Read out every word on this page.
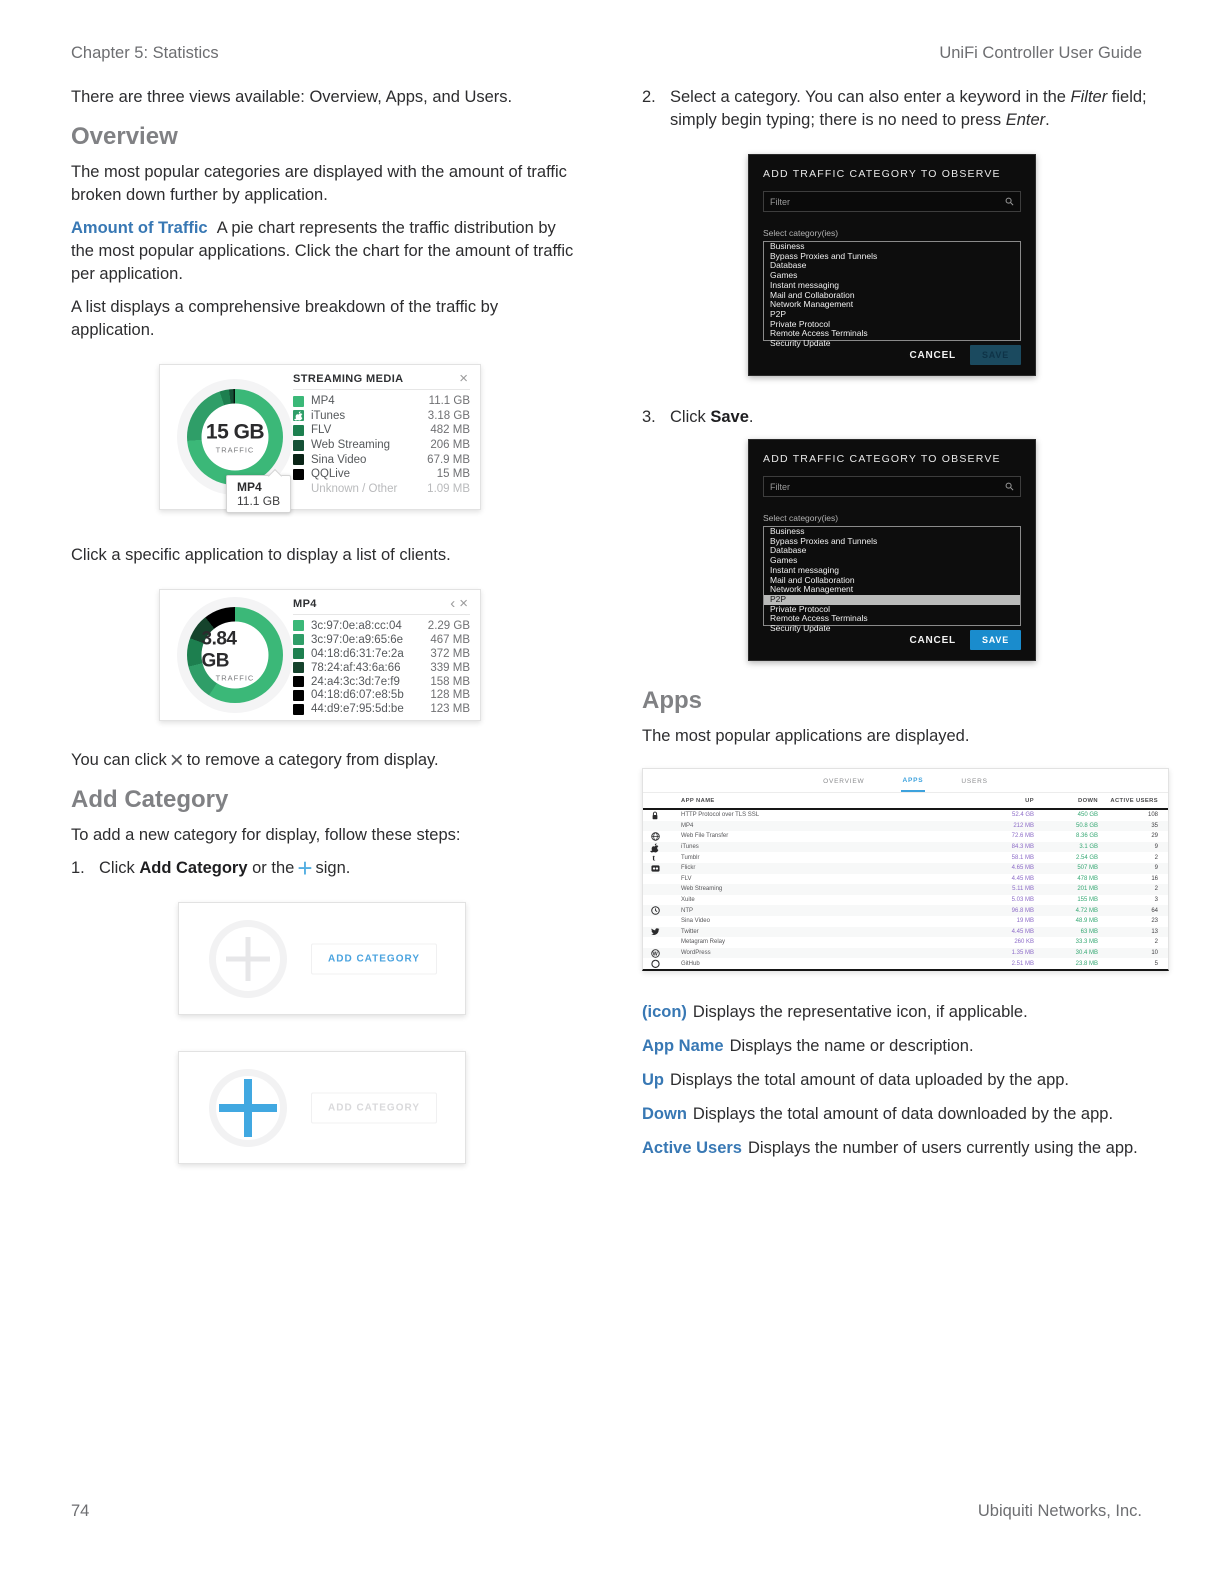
Chapter 5: Statistics	UniFi Controller User Guide

There are three views available: Overview, Apps, and Users.

Overview

The most popular categories are displayed with the amount of traffic broken down further by application.

Amount of Traffic A pie chart represents the traffic distribution by the most popular applications. Click the chart for the amount of traffic per application.

A list displays a comprehensive breakdown of the traffic by application.

15 GB
TRAFFIC
MP4
11.1 GB
STREAMING MEDIA	×
MP4	11.1 GB
iTunes	3.18 GB
FLV	482 MB
Web Streaming	206 MB
Sina Video	67.9 MB
QQLive	15 MB
Unknown / Other	1.09 MB

Click a specific application to display a list of clients.

3.84 GB
TRAFFIC
MP4	‹ ×
3c:97:0e:a8:cc:04	2.29 GB
3c:97:0e:a9:65:6e	467 MB
04:18:d6:31:7e:2a	372 MB
78:24:af:43:6a:66	339 MB
24:a4:3c:3d:7e:f9	158 MB
04:18:d6:07:e8:5b	128 MB
44:d9:e7:95:5d:be	123 MB

You can click × to remove a category from display.

Add Category

To add a new category for display, follow these steps:

1. Click Add Category or the + sign.
ADD CATEGORY
ADD CATEGORY
2. Select a category. You can also enter a keyword in the Filter field; simply begin typing; there is no need to press Enter.
ADD TRAFFIC CATEGORY TO OBSERVE
Filter
Select category(ies)
Business
Bypass Proxies and Tunnels
Database
Games
Instant messaging
Mail and Collaboration
Network Management
P2P
Private Protocol
Remote Access Terminals
Security Update
CANCEL	SAVE
3. Click Save.
ADD TRAFFIC CATEGORY TO OBSERVE
Filter
Select category(ies)
Business
Bypass Proxies and Tunnels
Database
Games
Instant messaging
Mail and Collaboration
Network Management
P2P
Private Protocol
Remote Access Terminals
Security Update
CANCEL	SAVE
Apps

The most popular applications are displayed.

OVERVIEW	APPS	USERS
APP NAME	UP	DOWN	ACTIVE USERS
HTTP Protocol over TLS SSL	52.4 GB	450 GB	108
MP4	212 MB	50.8 GB	35
Web File Transfer	72.6 MB	8.36 GB	29
iTunes	84.3 MB	3.1 GB	9
t	Tumblr	58.1 MB	2.54 GB	2
Flickr	4.65 MB	507 MB	9
FLV	4.45 MB	478 MB	16
Web Streaming	5.11 MB	201 MB	2
Xuite	5.03 MB	155 MB	3
NTP	96.8 MB	4.72 MB	64
Sina Video	19 MB	48.9 MB	23
Twitter	4.45 MB	63 MB	13
Metagram Relay	260 KB	33.3 MB	2
W	WordPress	1.35 MB	30.4 MB	10
GitHub	2.51 MB	23.8 MB	5

(icon) Displays the representative icon, if applicable.

App Name Displays the name or description.

Up Displays the total amount of data uploaded by the app.

Down Displays the total amount of data downloaded by the app.

Active Users Displays the number of users currently using the app.

74	Ubiquiti Networks, Inc.
